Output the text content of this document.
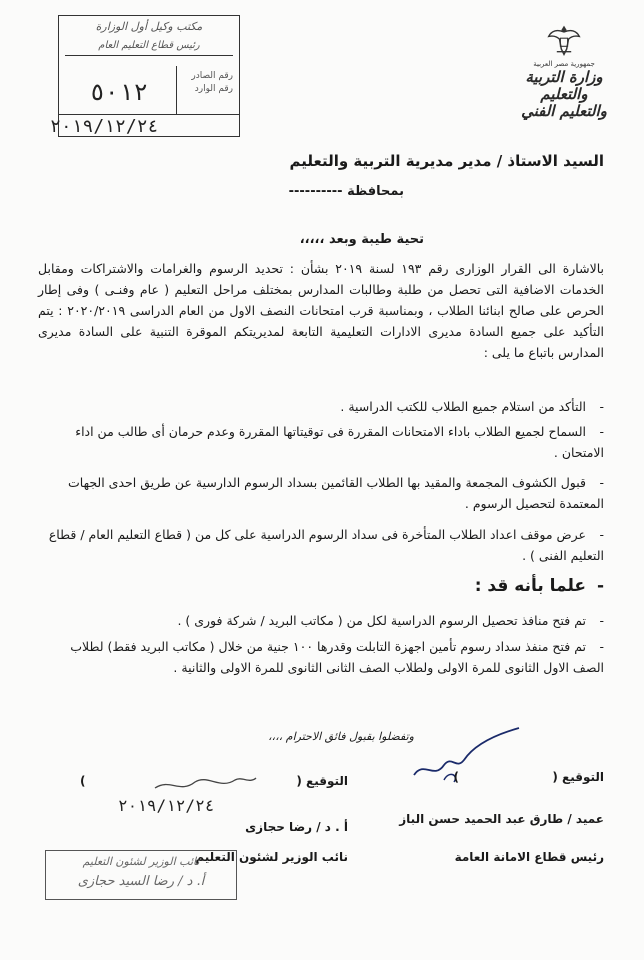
جمهورية مصر العربية
وزارة التربية والتعليم
والتعليم الفني
مكتب وكيل أول الوزارة
رئيس قطاع التعليم العام
رقم الصادر
رقم الوارد
٥٠١٢
٢٠١٩/١٢/٢٤
السيد الاستاذ / مدير مديرية التربية والتعليم
بمحافظة ----------
تحية طيبة وبعد ،،،،،
بالاشارة الى القرار الوزارى رقم ١٩٣ لسنة ٢٠١٩ بشأن : تحديد الرسوم والغرامات والاشتراكات ومقابل الخدمات الاضافية التى تحصل من طلبة وطالبات المدارس بمختلف مراحل التعليم ( عام وفنـى ) وفى إطار الحرص على صالح ابنائنا الطلاب ، وبمناسبة قرب امتحانات النصف الاول من العام الدراسى ٢٠٢٠/٢٠١٩ : يتم التأكيد على جميع السادة مديرى الادارات التعليمية التابعة لمديريتكم الموقرة التنبية على السادة مديرى المدارس باتباع ما يلى :
-التأكد من استلام جميع الطلاب للكتب الدراسية .
-السماح لجميع الطلاب باداء الامتحانات المقررة فى توقيتاتها المقررة وعدم حرمان أى طالب من اداء الامتحان .
-قبول الكشوف المجمعة والمقيد بها الطلاب القائمين بسداد الرسوم الدارسية عن طريق احدى الجهات المعتمدة لتحصيل الرسوم .
-عرض موقف اعداد الطلاب المتأخرة فى سداد الرسوم الدراسية على كل من ( قطاع التعليم العام / قطاع التعليم الفنى ) .
-علما بأنه قد :
-تم فتح منافذ تحصيل الرسوم الدراسية لكل من ( مكاتب البريد / شركة فورى ) .
-تم فتح منفذ سداد رسوم تأمين اجهزة التابلت وقدرها ١٠٠ جنية من خلال ( مكاتب البريد فقط) لطلاب الصف الاول الثانوى للمرة الاولى ولطلاب الصف الثانى الثانوى للمرة الاولى والثانية .
وتفضلوا بقبول فائق الاحترام ،،،،
التوقيع (
)
عميد / طارق عبد الحميد حسن الباز
رئيس قطاع الامانة العامة
التوقيع (
)
٢٠١٩/١٢/٢٤
أ . د / رضا حجازى
نائب الوزير لشئون التعليم
نائب الوزير لشئون التعليم
أ. د / رضا السيد حجازى
